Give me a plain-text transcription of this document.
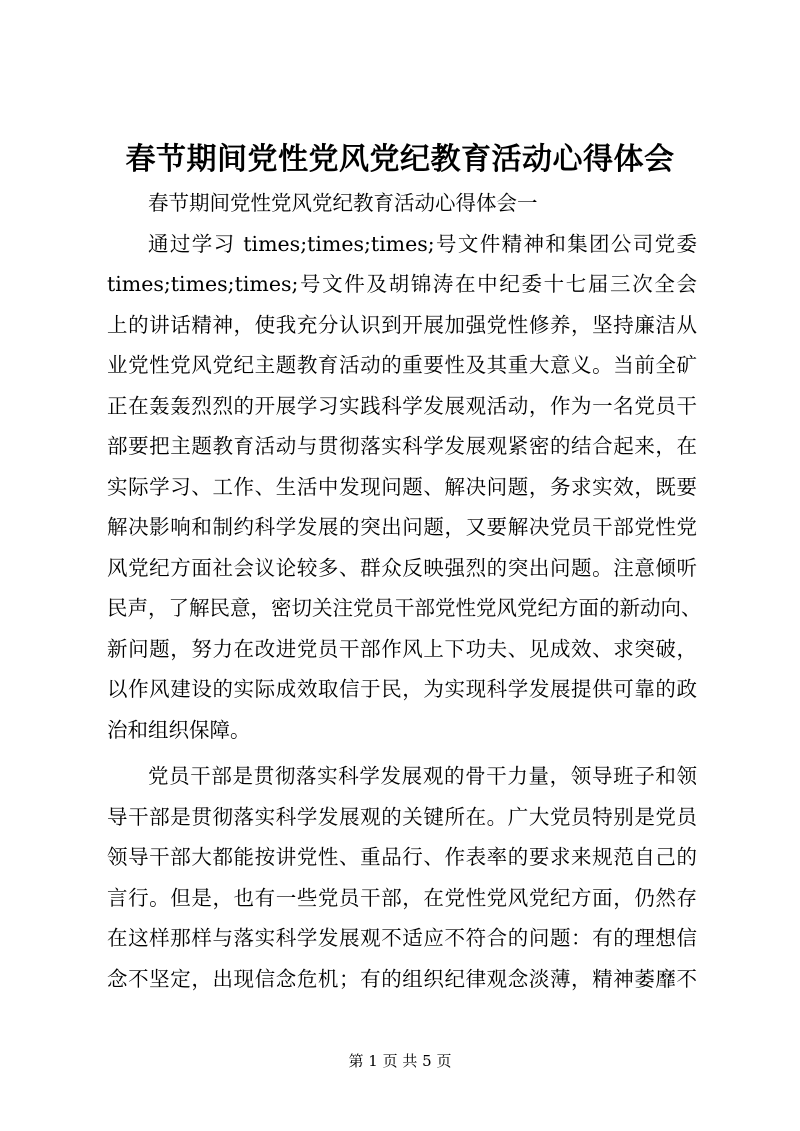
春节期间党性党风党纪教育活动心得体会
春节期间党性党风党纪教育活动心得体会一
通过学习 times;times;times;号文件精神和集团公司党委
times;times;times;号文件及胡锦涛在中纪委十七届三次全会
上的讲话精神，使我充分认识到开展加强党性修养，坚持廉洁从
业党性党风党纪主题教育活动的重要性及其重大意义。当前全矿
正在轰轰烈烈的开展学习实践科学发展观活动，作为一名党员干
部要把主题教育活动与贯彻落实科学发展观紧密的结合起来，在
实际学习、工作、生活中发现问题、解决问题，务求实效，既要
解决影响和制约科学发展的突出问题，又要解决党员干部党性党
风党纪方面社会议论较多、群众反映强烈的突出问题。注意倾听
民声，了解民意，密切关注党员干部党性党风党纪方面的新动向、
新问题，努力在改进党员干部作风上下功夫、见成效、求突破，
以作风建设的实际成效取信于民，为实现科学发展提供可靠的政
治和组织保障。
党员干部是贯彻落实科学发展观的骨干力量，领导班子和领
导干部是贯彻落实科学发展观的关键所在。广大党员特别是党员
领导干部大都能按讲党性、重品行、作表率的要求来规范自己的
言行。但是，也有一些党员干部，在党性党风党纪方面，仍然存
在这样那样与落实科学发展观不适应不符合的问题：有的理想信
念不坚定，出现信念危机；有的组织纪律观念淡薄，精神萎靡不
第 1 页 共 5 页
